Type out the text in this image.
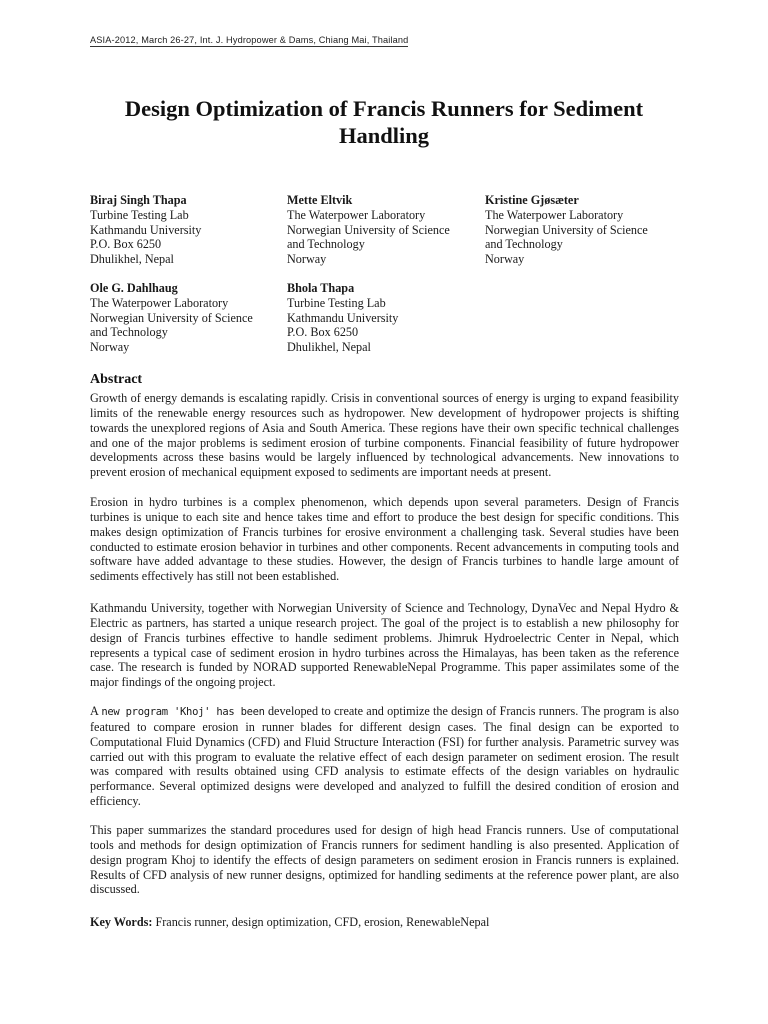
ASIA-2012, March 26-27, Int. J. Hydropower & Dams, Chiang Mai, Thailand
Design Optimization of Francis Runners for Sediment Handling
Biraj Singh Thapa
Turbine Testing Lab
Kathmandu University
P.O. Box 6250
Dhulikhel, Nepal
Mette Eltvik
The Waterpower Laboratory
Norwegian University of Science
and Technology
Norway
Kristine Gjøsæter
The Waterpower Laboratory
Norwegian University of Science
and Technology
Norway
Ole G. Dahlhaug
The Waterpower Laboratory
Norwegian University of Science
and Technology
Norway
Bhola Thapa
Turbine Testing Lab
Kathmandu University
P.O. Box 6250
Dhulikhel, Nepal
Abstract

Growth of energy demands is escalating rapidly. Crisis in conventional sources of energy is urging to expand feasibility limits of the renewable energy resources such as hydropower. New development of hydropower projects is shifting towards the unexplored regions of Asia and South America. These regions have their own specific technical challenges and one of the major problems is sediment erosion of turbine components. Financial feasibility of future hydropower developments across these basins would be largely influenced by technological advancements. New innovations to prevent erosion of mechanical equipment exposed to sediments are important needs at present.

Erosion in hydro turbines is a complex phenomenon, which depends upon several parameters. Design of Francis turbines is unique to each site and hence takes time and effort to produce the best design for specific conditions. This makes design optimization of Francis turbines for erosive environment a challenging task. Several studies have been conducted to estimate erosion behavior in turbines and other components. Recent advancements in computing tools and software have added advantage to these studies. However, the design of Francis turbines to handle large amount of sediments effectively has still not been established.

Kathmandu University, together with Norwegian University of Science and Technology, DynaVec and Nepal Hydro & Electric as partners, has started a unique research project. The goal of the project is to establish a new philosophy for design of Francis turbines effective to handle sediment problems. Jhimruk Hydroelectric Center in Nepal, which represents a typical case of sediment erosion in hydro turbines across the Himalayas, has been taken as the reference case. The research is funded by NORAD supported RenewableNepal Programme. This paper assimilates some of the major findings of the ongoing project.

A new program 'Khoj' has been developed to create and optimize the design of Francis runners. The program is also featured to compare erosion in runner blades for different design cases. The final design can be exported to Computational Fluid Dynamics (CFD) and Fluid Structure Interaction (FSI) for further analysis. Parametric survey was carried out with this program to evaluate the relative effect of each design parameter on sediment erosion. The result was compared with results obtained using CFD analysis to estimate effects of the design variables on hydraulic performance. Several optimized designs were developed and analyzed to fulfill the desired condition of erosion and efficiency.

This paper summarizes the standard procedures used for design of high head Francis runners. Use of computational tools and methods for design optimization of Francis runners for sediment handling is also presented. Application of design program Khoj to identify the effects of design parameters on sediment erosion in Francis runners is explained. Results of CFD analysis of new runner designs, optimized for handling sediments at the reference power plant, are also discussed.

Key Words: Francis runner, design optimization, CFD, erosion, RenewableNepal
